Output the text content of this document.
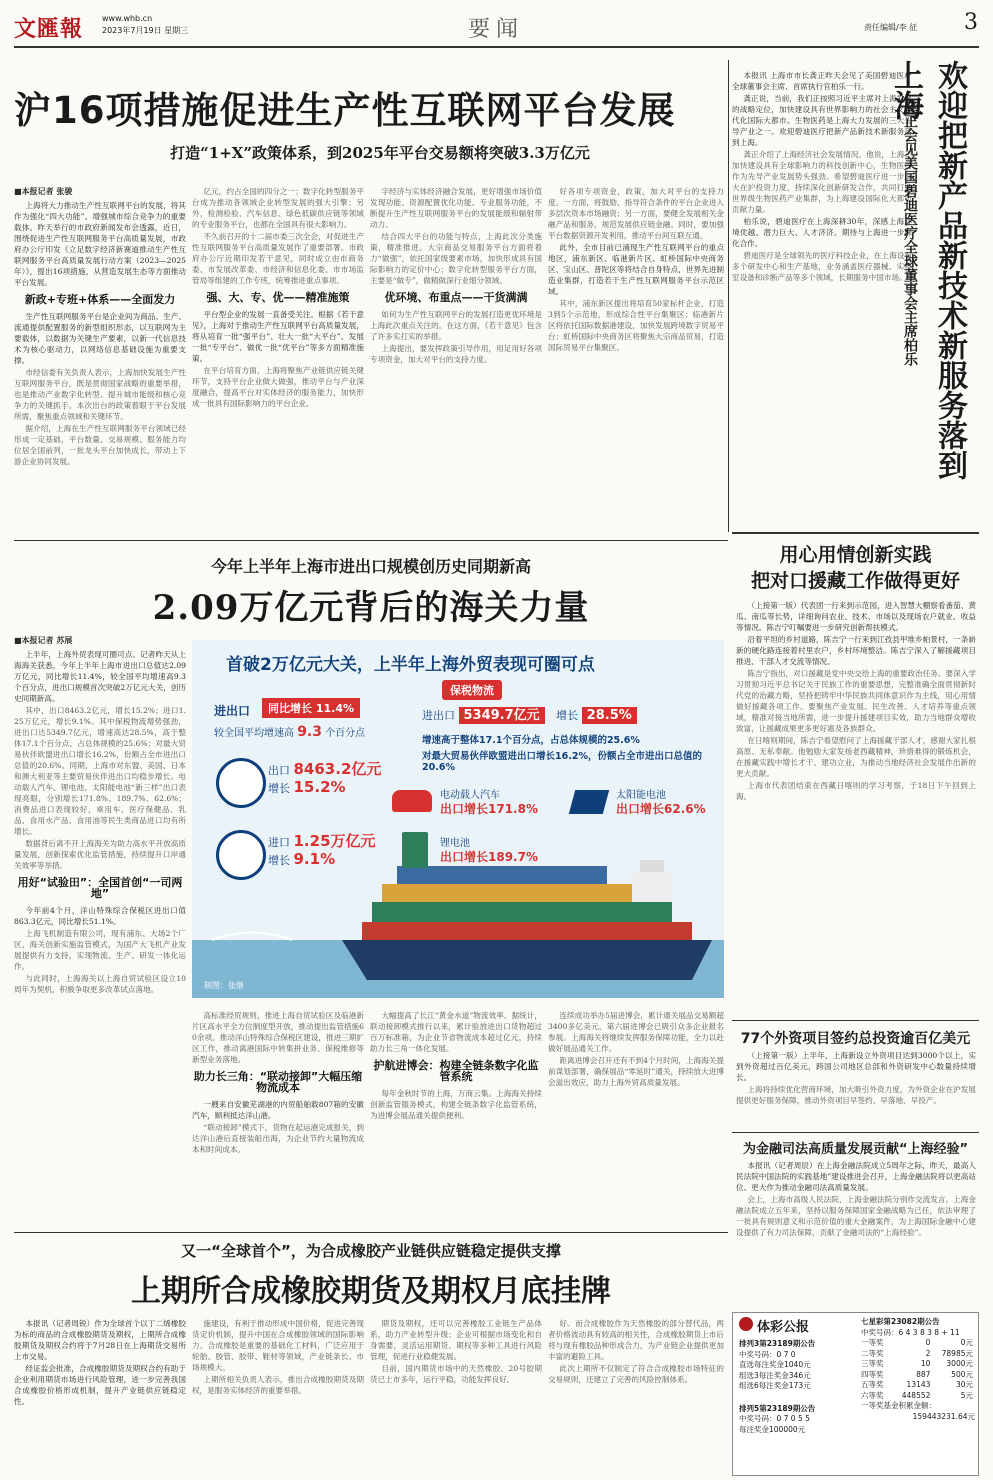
文匯報 www.whb.cn
2023年7月19日 星期三	要闻	责任编辑/李 征 3
沪16项措施促进生产性互联网平台发展
打造“1+X”政策体系，到2025年平台交易额将突破3.3万亿元
■本报记者 张骏

上海将大力推动生产性互联网平台的发展，将其作为强化“四大功能”、增强城市综合竞争力的重要载体。昨天举行的市政府新闻发布会透露，近日，围绕促进生产性互联网服务平台高质量发展，市政府办公厅印发《立足数字经济新赛道推动生产性互联网服务平台高质量发展行动方案（2023—2025年）》，提出16项措施，从营造发展生态等方面推动平台发展。

新政+专班+体系——全面发力

生产性互联网服务平台是企业间为商品、生产、流通提供配置服务的新型组织形态，以互联网为主要载体，以数据为关键生产要素，以新一代信息技术为核心驱动力，以网络信息基础设施为重要支撑。

市经信委有关负责人表示，上海加快发展生产性互联网服务平台，既是贯彻国家战略的重要举措，也是推动产业数字化转型、提升城市能级和核心竞争力的关键抓手。本次出台的政策着眼于平台发展所需，聚焦重点领域和关键环节。

据介绍，上海在生产性互联网服务平台领域已经形成一定基础，平台数量、交易规模、服务能力均位居全国前列，一批龙头平台加快成长，带动上下游企业协同发展。

亿元，约占全国的四分之一；数字化转型服务平台成为推动各领域企业转型发展的强大引擎；另外，检测检验、汽车信息、绿色低碳供应链等领域的专业服务平台，也都在全国具有很大影响力。

不久前召开的十二届市委三次全会，对促进生产性互联网服务平台高质量发展作了重要部署。市政府办公厅近期印发若干意见，同时成立由市商务委、市发展改革委、市经济和信息化委、市市场监管局等组建的工作专班，统筹推进重点事项。

强、大、专、优——精准施策

平台型企业的发展一直备受关注。根据《若干意见》，上海对于推动生产性互联网平台高质量发展，将从培育一批“强平台”、壮大一批“大平台”、发展一批“专平台”、做优一批“优平台”等多方面精准施策。

在平台培育方面，上海将聚焦产业链供应链关键环节，支持平台企业做大做强，推动平台与产业深度融合，提高平台对实体经济的服务能力，加快形成一批具有国际影响力的平台企业。

字经济与实体经济融合发展，更好增强市场价值发现功能、资源配置优化功能、专业服务功能，不断提升生产性互联网服务平台的发展能级和辐射带动力。

结合四大平台的功能与特点，上海此次分类施策，精准推进。大宗商品交易服务平台方面将着力“做强”，依托国家级要素市场，加快形成具有国际影响力的定价中心；数字化转型服务平台方面，主要是“做专”，做精做深行业细分领域。

优环境、布重点——干货满满

如何为生产性互联网平台的发展打造更优环境是上海此次重点关注的。在这方面，《若干意见》包含了许多实打实的举措。

上海提出，要发挥政策引导作用，用足用好各项专项资金，加大对平台的支持力度。

好各项专项资金，政策，加大对平台的支持力度。一方面，将鼓励、指导符合条件的平台企业进入多层次资本市场融资；另一方面，要健全发展相关金融产品和服务，规范发展供应链金融。同时，要加强平台数据资源开发利用，推动平台间互联互通。

此外，全市目前已涌现生产性互联网平台的重点地区，浦东新区、临港新片区、虹桥国际中央商务区、宝山区、普陀区等将结合自身特点，世界先进制造业集群，打造若干生产性互联网服务平台示范区域。

其中，浦东新区提出将培育50家标杆企业，打造3到5个示范地，形成综合性平台集聚区；临港新片区将依托国际数据港建设，加快发展跨境数字贸易平台；虹桥国际中央商务区将聚焦大宗商品贸易，打造国际贸易平台集聚区。

本报讯 上海市市长龚正昨天会见了美国碧迪医疗全球董事会主席、首席执行官柏乐一行。

龚正说，当前，我们正按照习近平主席对上海发展的战略定位，加快建设具有世界影响力的社会主义现代化国际大都市。生物医药是上海大力发展的三大先导产业之一。欢迎碧迪医疗把新产品新技术新服务落到上海。

龚正介绍了上海经济社会发展情况。他说，上海正加快建设具有全球影响力的科技创新中心，生物医药作为先导产业发展势头强劲。希望碧迪医疗进一步加大在沪投资力度，持续深化创新研发合作，共同打造世界级生物医药产业集群，为上海建设国际化大都市贡献力量。

柏乐说，碧迪医疗在上海深耕30年，深感上海环境优越、潜力巨大、人才济济。期待与上海进一步深化合作。

碧迪医疗是全球领先的医疗科技企业，在上海设有多个研发中心和生产基地，业务涵盖医疗器械、实验室设备和诊断产品等多个领域，长期服务中国市场。 欢迎把新产品新技术新服务落到上海
龚正会见美国碧迪医疗全球董事会主席柏乐
今年上半年上海市进出口规模创历史同期新高
2.09万亿元背后的海关力量
■本报记者 苏展

上半年，上海外贸表现可圈可点。记者昨天从上海海关获悉，今年上半年上海市进出口总值达2.09万亿元，同比增长11.4%，较全国平均增速高9.3个百分点，进出口规模首次突破2万亿元大关，创历史同期新高。

其中，出口8463.2亿元，增长15.2%；进口1.25万亿元，增长9.1%。其中保税物流增势强劲，进出口达5349.7亿元，增速高达28.5%，高于整体17.1个百分点，占总体规模的25.6%；对最大贸易伙伴欧盟进出口增长16.2%，份额占全市进出口总值的20.6%。同期，上海市对东盟、美国、日本和澳大利亚等主要贸易伙伴进出口均稳步增长。电动载人汽车、锂电池、太阳能电池“新三样”出口表现亮眼，分别增长171.8%、189.7%、62.6%；消费品进口表现较好，乘用车、医疗保健品、乳品、食用水产品、食用油等民生类商品进口均有所增长。

数据背后离不开上海海关为助力高水平开放高质量发展，创新探索优化监管措施，持续提升口岸通关效率等举措。

用好“试验田”：全国首创“一司两地”

今年前4个月，洋山特殊综合保税区进出口值863.3亿元，同比增长51.1%。

上海飞机制造有限公司，现有浦东、大场2个厂区，海关创新实施监管模式，为国产大飞机产业发展提供有力支持，实现物流、生产、研发一体化运作。

与此同时，上海海关以上海自贸试验区设立10周年为契机，积极争取更多改革试点落地。

高标准经贸规则，推进上海自贸试验区及临港新片区高水平全方位制度型开放，推动提出监管措施60余项。推动洋山特殊综合保税区建设，推进三期扩区工作，推动离港国际中转集拼业务、保税维修等新型业务落地。

助力长三角：“联动接卸”大幅压缩物流成本

一艘来自安徽芜湖港的内贸船舶载807箱的安徽汽车，顺利抵达洋山港。

“联动接卸”模式下，货物在起运港完成报关，到达洋山港后直接装船出海，为企业节约大量物流成本和时间成本。

大幅提高了长江“黄金水道”物流效率。据统计，联动接卸模式推行以来，累计验放进出口货物超过百万标准箱，为企业节省物流成本超过亿元，持续助力长三角一体化发展。

护航进博会：构建全链条数字化监管系统

每年金秋时节的上海，万商云集。上海海关持续创新监管服务模式，构建全链条数字化监管系统，为进博会展品通关提供便利。

连续成功举办5届进博会，累计通关展品交易额超3400多亿美元，第六届进博会已吸引众多企业报名参展。上海海关将继续发挥服务保障功能，全力以赴做好展品通关工作。

距离进博会召开还有不到4个月时间，上海海关提前谋划部署，确保展品“零延时”通关，持续放大进博会溢出效应，助力上海外贸高质量发展。

首破2万亿元大关，上半年上海外贸表现可圈可点
进出口	同比增长 11.4%
较全国平均增速高 9.3 个百分点
出口 8463.2亿元
增长 15.2%
进口 1.25万亿元
增长 9.1%
保税物流
进出口 5349.7亿元 增长 28.5%
增速高于整体17.1个百分点，占总体规模的25.6%
对最大贸易伙伴欧盟进出口增长16.2%，份额占全市进出口总值的20.6%
电动载人汽车
出口增长171.8%
太阳能电池
出口增长62.6%
锂电池
出口增长189.7%
制图：张继
又一“全球首个”，为合成橡胶产业链供应链稳定提供支撑
上期所合成橡胶期货及期权月底挂牌

本报讯（记者周锐）作为全球首个以丁二烯橡胶为标的商品的合成橡胶期货及期权，上期所合成橡胶期货及期权合约将于7月28日在上海期货交易所上市交易。

经证监会批准，合成橡胶期货及期权合约有助于企业利用期货市场进行风险管理，进一步完善我国合成橡胶价格形成机制，提升产业链供应链稳定性。

施建设，有利于推动形成中国价格，促进完善现货定价机制，提升中国在合成橡胶领域的国际影响力。合成橡胶是重要的基础化工材料，广泛应用于轮胎、胶管、胶带、鞋材等领域，产业链条长、市场规模大。

上期所相关负责人表示，推出合成橡胶期货及期权，是服务实体经济的重要举措。

期货及期权，还可以完善橡胶工业链生产品体系，助力产业转型升级；企业可根据市场变化和自身需要，灵活运用期货、期权等多种工具进行风险管理，促进行业稳健发展。

目前，国内期货市场中的天然橡胶、20号胶期货已上市多年，运行平稳，功能发挥良好。

好。而合成橡胶作为天然橡胶的部分替代品，两者价格波动具有较高的相关性，合成橡胶期货上市后将与现有橡胶品种形成合力，为产业链企业提供更加丰富的避险工具。

此次上期所不仅制定了符合合成橡胶市场特征的交易规则，还建立了完善的风险控制体系。

用心用情创新实践
把对口援藏工作做得更好

（上接第一版）代表团一行来到示范园，进入智慧大棚察看番茄、黄瓜、南瓜等长势，详细询问农业、技术、市场以及现场农户就业、收益等情况。陈吉宁叮嘱要进一步研究创新帮扶模式。

沿着平坦的乡村道路，陈吉宁一行来到江孜县甲堆乡帕景村，一条崭新的硬化路连接着村里农户，乡村环境整洁。陈吉宁深入了解援藏项目推进、干部人才交流等情况。

陈吉宁指出，对口援藏是党中央交给上海的重要政治任务。要深入学习贯彻习近平总书记关于民族工作的重要思想，完整准确全面贯彻新时代党的治藏方略，坚持把铸牢中华民族共同体意识作为主线，用心用情做好援藏各项工作。要聚焦产业发展、民生改善、人才培养等重点领域，精准对接当地所需，进一步提升援建项目实效，助力当地群众增收致富，让援藏成果更多更好惠及各族群众。

在日喀则期间，陈吉宁看望慰问了上海援藏干部人才，感谢大家扎根高原、无私奉献。他勉励大家发扬老西藏精神，珍惜难得的锻炼机会，在援藏实践中增长才干、建功立业，为推动当地经济社会发展作出新的更大贡献。

上海市代表团结束在西藏日喀则的学习考察，于18日下午回到上海。

77个外资项目签约总投资逾百亿美元

（上接第一版）上半年，上海新设立外资项目达到3000个以上，实到外资超过百亿美元，跨国公司地区总部和外资研发中心数量持续增长。

上海将持续优化营商环境，加大吸引外资力度，为外资企业在沪发展提供更好服务保障，推动外资项目早签约、早落地、早投产。

为金融司法高质量发展贡献“上海经验”

本报讯（记者周辰）在上海金融法院成立5周年之际，昨天，最高人民法院中国法院的实践基地”建设推进会召开，上海金融法院将以更高站位、更大作为推动金融司法高质量发展。

会上，上海市高级人民法院、上海金融法院分别作交流发言。上海金融法院成立五年来，坚持以服务保障国家金融战略为己任，依法审理了一批具有规则意义和示范价值的重大金融案件，为上海国际金融中心建设提供了有力司法保障，贡献了金融司法的“上海经验”。

体彩公报
排列3第23189期公告
中奖号码：0 7 0
直选每注奖金1040元
组选3每注奖金346元
组选6每注奖金173元
排列5第23189期公告
中奖号码：0 7 0 5 5
每注奖金100000元
七星彩第23082期公告
中奖号码：6 4 3 8 3 8 + 11
一等奖	0	0元
二等奖	2	78985元
三等奖	10	3000元
四等奖	887	500元
五等奖	13143	30元
六等奖	448552	5元
一等奖基金积累金额：
159443231.64元
